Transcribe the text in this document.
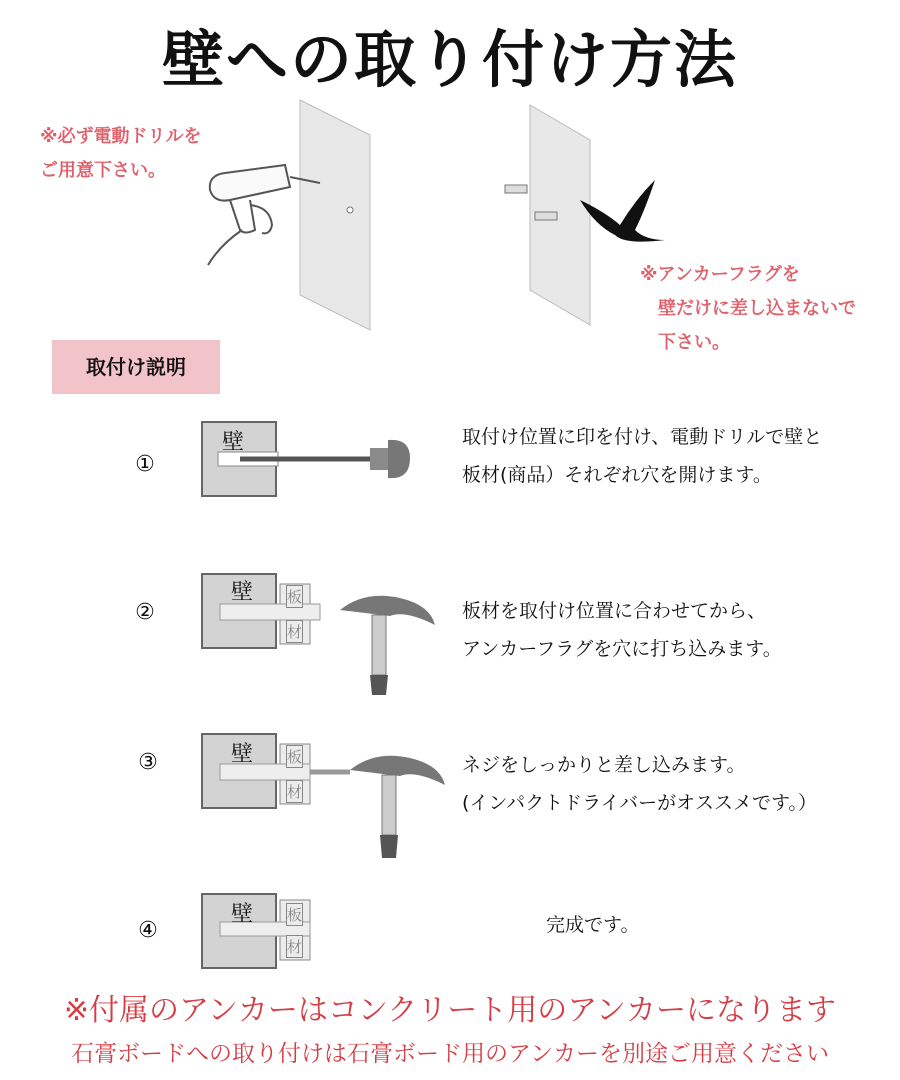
壁への取り付け方法
※必ず電動ドリルを
ご用意下さい。
※アンカーフラグを
壁だけに差し込まないで
下さい。
取付け説明
①
壁	取付け位置に印を付け、電動ドリルで壁と
板材(商品）それぞれ穴を開けます。
②
壁 板
材
板材を取付け位置に合わせてから、
アンカーフラグを穴に打ち込みます。
③	壁 板
材
ネジをしっかりと差し込みます。
(インパクトドライバーがオススメです。）
④
壁 板
材
完成です。
※付属のアンカーはコンクリート用のアンカーになります
石膏ボードへの取り付けは石膏ボード用のアンカーを別途ご用意ください
